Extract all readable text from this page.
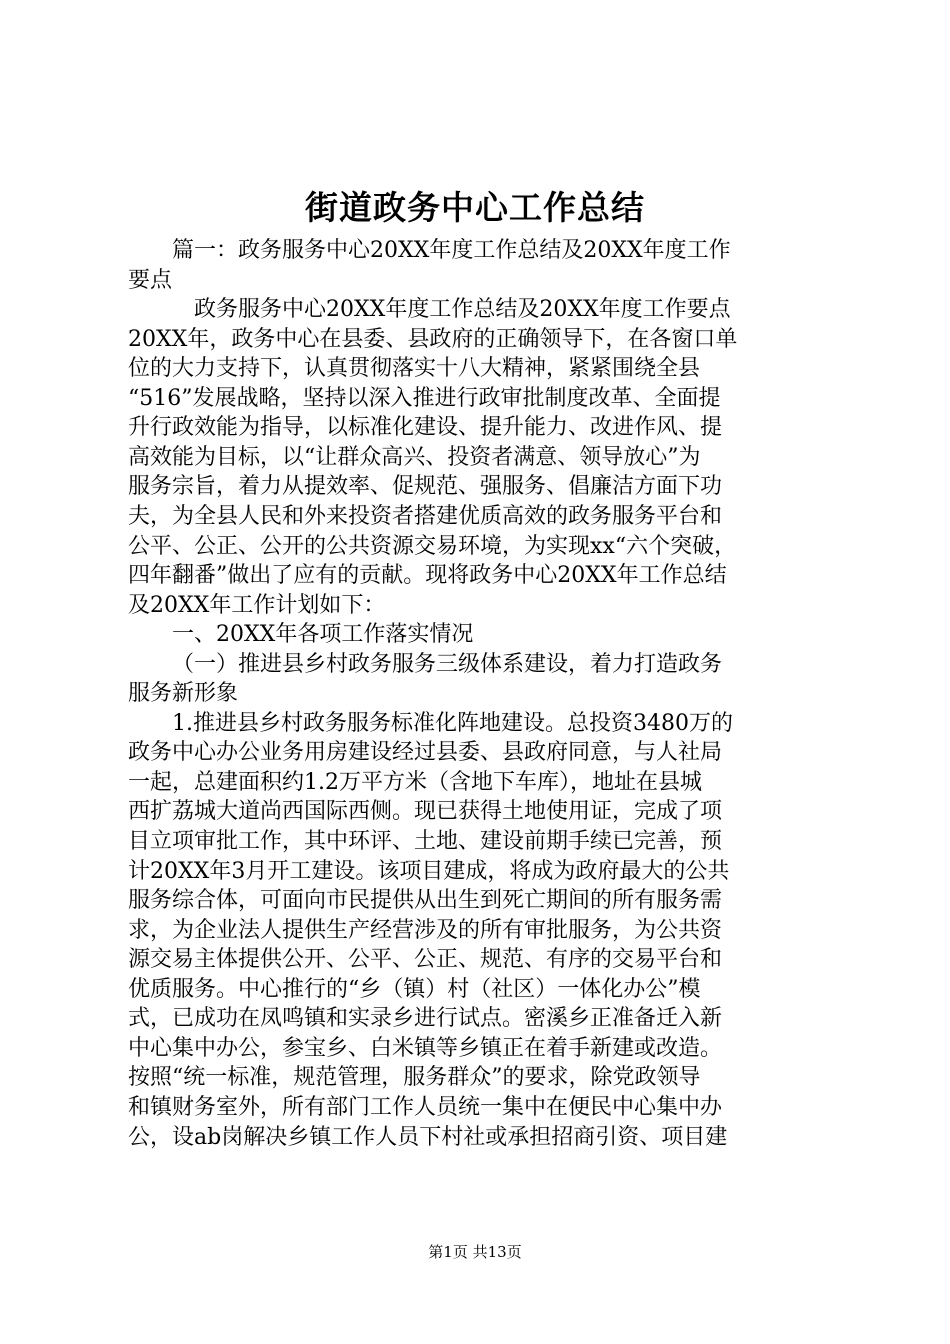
街道政务中心工作总结
篇一：政务服务中心20XX年度工作总结及20XX年度工作
要点
政务服务中心20XX年度工作总结及20XX年度工作要点
20XX年，政务中心在县委、县政府的正确领导下，在各窗口单
位的大力支持下，认真贯彻落实十八大精神，紧紧围绕全县
“516”发展战略，坚持以深入推进行政审批制度改革、全面提
升行政效能为指导，以标准化建设、提升能力、改进作风、提
高效能为目标，以“让群众高兴、投资者满意、领导放心”为
服务宗旨，着力从提效率、促规范、强服务、倡廉洁方面下功
夫，为全县人民和外来投资者搭建优质高效的政务服务平台和
公平、公正、公开的公共资源交易环境，为实现xx“六个突破，
四年翻番”做出了应有的贡献。现将政务中心20XX年工作总结
及20XX年工作计划如下：
一、20XX年各项工作落实情况
（一）推进县乡村政务服务三级体系建设，着力打造政务
服务新形象
1.推进县乡村政务服务标准化阵地建设。总投资3480万的
政务中心办公业务用房建设经过县委、县政府同意，与人社局
一起，总建面积约1.2万平方米（含地下车库），地址在县城
西扩荔城大道尚西国际西侧。现已获得土地使用证，完成了项
目立项审批工作，其中环评、土地、建设前期手续已完善，预
计20XX年3月开工建设。该项目建成，将成为政府最大的公共
服务综合体，可面向市民提供从出生到死亡期间的所有服务需
求，为企业法人提供生产经营涉及的所有审批服务，为公共资
源交易主体提供公开、公平、公正、规范、有序的交易平台和
优质服务。中心推行的“乡（镇）村（社区）一体化办公”模
式，已成功在凤鸣镇和实录乡进行试点。密溪乡正准备迁入新
中心集中办公，参宝乡、白米镇等乡镇正在着手新建或改造。
按照“统一标准，规范管理，服务群众”的要求，除党政领导
和镇财务室外，所有部门工作人员统一集中在便民中心集中办
公，设ab岗解决乡镇工作人员下村社或承担招商引资、项目建
第1页 共13页
